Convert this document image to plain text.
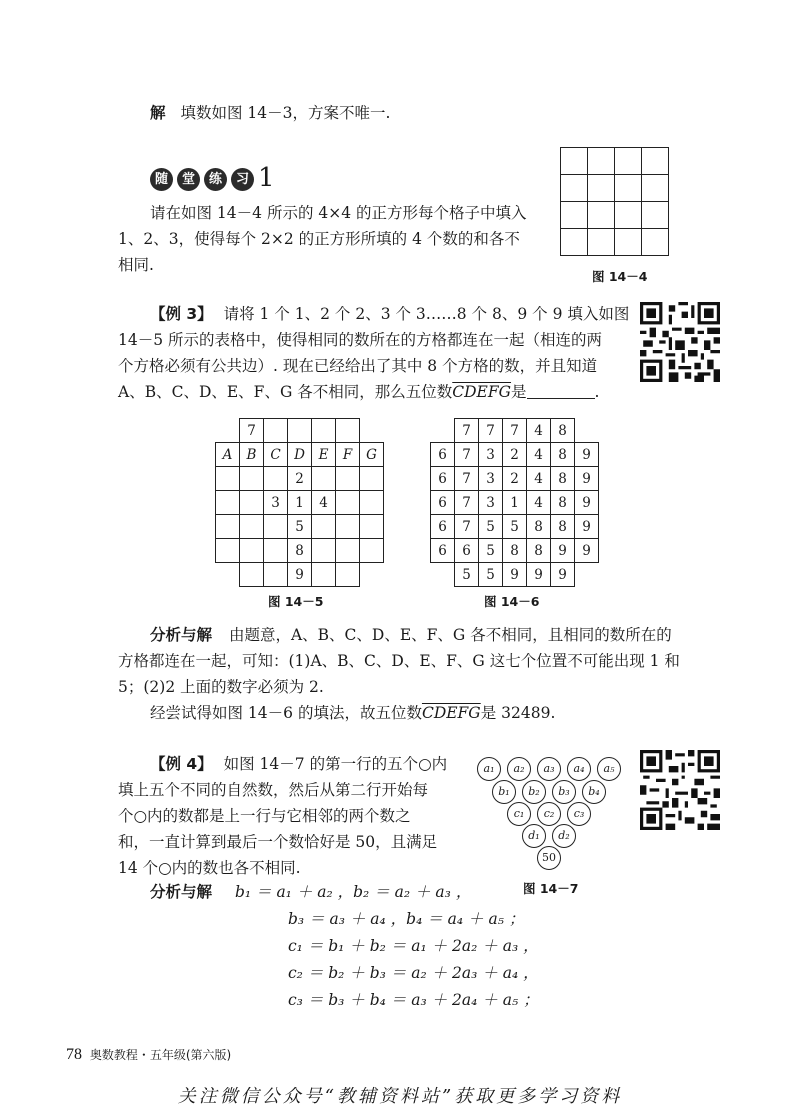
解 填数如图 14－3，方案不唯一.
随 堂 练 习 1
请在如图 14－4 所示的 4×4 的正方形每个格子中填入
1、2、3，使得每个 2×2 的正方形所填的 4 个数的和各不
相同.

图 14－4
【例 3】 请将 1 个 1、2 个 2、3 个 3……8 个 8、9 个 9 填入如图
14－5 所示的表格中，使得相同的数所在的方格都连在一起（相连的两
个方格必须有公共边）. 现在已经给出了其中 8 个方格的数，并且知道
A、B、C、D、E、F、G 各不相同，那么五位数CDEFG是	.
	7					
A	B	C	D	E	F	G
			2			
		3	1	4		
			5			
			8			
			9			
图 14－5
	7	7	7	4	8	
6	7	3	2	4	8	9
6	7	3	2	4	8	9
6	7	3	1	4	8	9
6	7	5	5	8	8	9
6	6	5	8	8	9	9
	5	5	9	9	9	
图 14－6
分析与解 由题意，A、B、C、D、E、F、G 各不相同，且相同的数所在的
方格都连在一起，可知：(1)A、B、C、D、E、F、G 这七个位置不可能出现 1 和
5；(2)2 上面的数字必须为 2.
经尝试得如图 14－6 的填法，故五位数CDEFG是 32489.
【例 4】 如图 14－7 的第一行的五个○内
填上五个不同的自然数，然后从第二行开始每
个○内的数都是上一行与它相邻的两个数之
和，一直计算到最后一个数恰好是 50，且满足
14 个○内的数也各不相同.
a₁	a₂	a₃	a₄	a₅
b₁	b₂	b₃	b₄
c₁	c₂	c₃
d₁	d₂
50
图 14－7
分析与解 b₁ ＝ a₁ ＋ a₂ ，b₂ ＝ a₂ ＋ a₃ ，
b₃ ＝ a₃ ＋ a₄ ，b₄ ＝ a₄ ＋ a₅ ；
c₁ ＝ b₁ ＋ b₂ ＝ a₁ ＋ 2a₂ ＋ a₃ ，
c₂ ＝ b₂ ＋ b₃ ＝ a₂ ＋ 2a₃ ＋ a₄ ，
c₃ ＝ b₃ ＋ b₄ ＝ a₃ ＋ 2a₄ ＋ a₅ ；
78 奥数教程・五年级(第六版)
关注微信公众号“教辅资料站”获取更多学习资料
